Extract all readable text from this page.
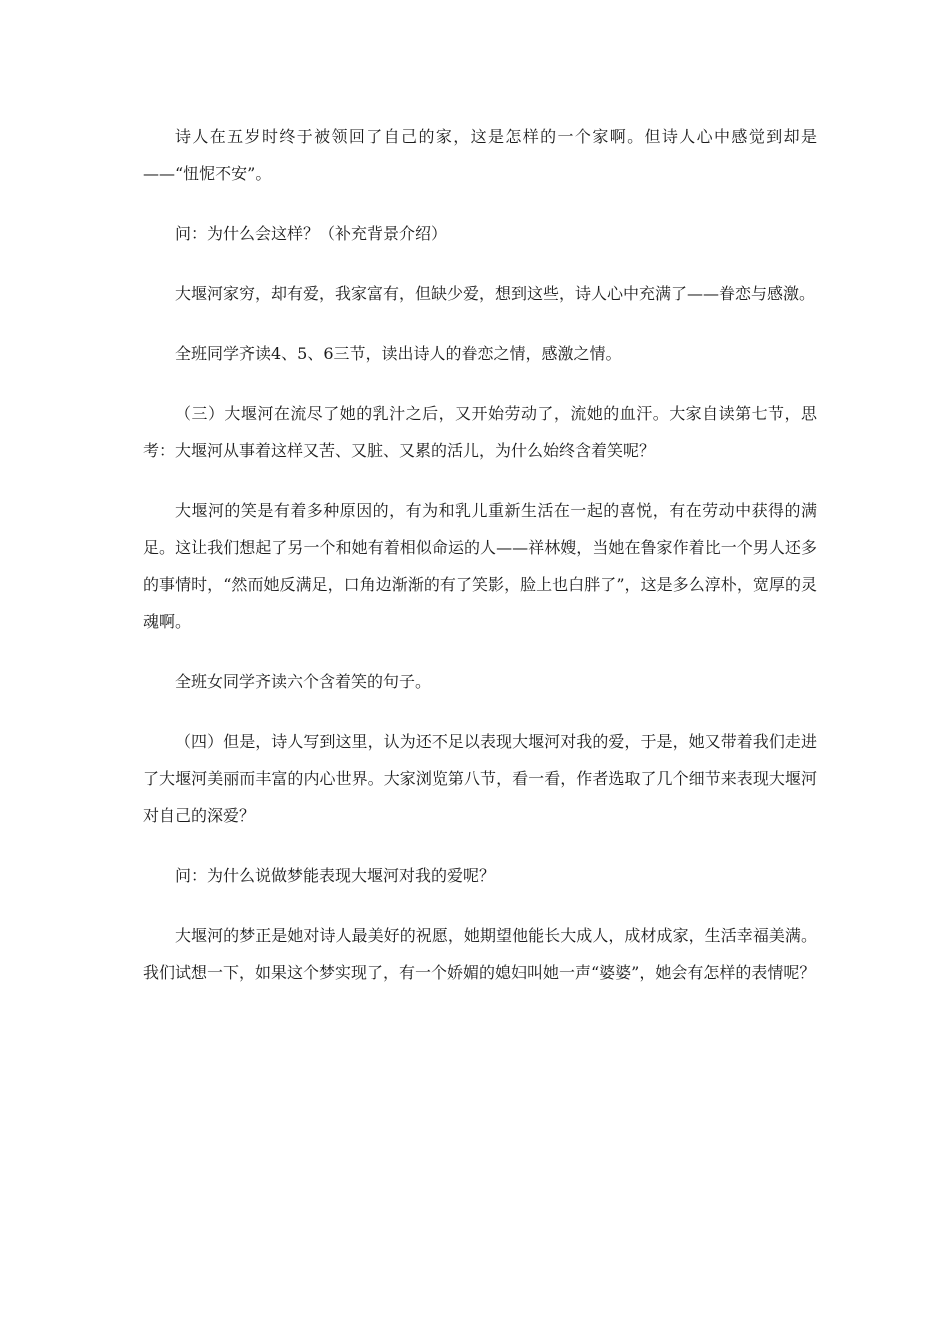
诗人在五岁时终于被领回了自己的家，这是怎样的一个家啊。但诗人心中感觉到却是——“忸怩不安”。

问：为什么会这样？（补充背景介绍）

大堰河家穷，却有爱，我家富有，但缺少爱，想到这些，诗人心中充满了——眷恋与感激。

全班同学齐读4、5、6三节，读出诗人的眷恋之情，感激之情。

（三）大堰河在流尽了她的乳汁之后，又开始劳动了，流她的血汗。大家自读第七节，思考：大堰河从事着这样又苦、又脏、又累的活儿，为什么始终含着笑呢？

大堰河的笑是有着多种原因的，有为和乳儿重新生活在一起的喜悦，有在劳动中获得的满足。这让我们想起了另一个和她有着相似命运的人——祥林嫂，当她在鲁家作着比一个男人还多的事情时，“然而她反满足，口角边渐渐的有了笑影，脸上也白胖了”，这是多么淳朴，宽厚的灵魂啊。

全班女同学齐读六个含着笑的句子。

（四）但是，诗人写到这里，认为还不足以表现大堰河对我的爱，于是，她又带着我们走进了大堰河美丽而丰富的内心世界。大家浏览第八节，看一看，作者选取了几个细节来表现大堰河对自己的深爱？

问：为什么说做梦能表现大堰河对我的爱呢？

大堰河的梦正是她对诗人最美好的祝愿，她期望他能长大成人，成材成家，生活幸福美满。我们试想一下，如果这个梦实现了，有一个娇媚的媳妇叫她一声“婆婆”，她会有怎样的表情呢？
